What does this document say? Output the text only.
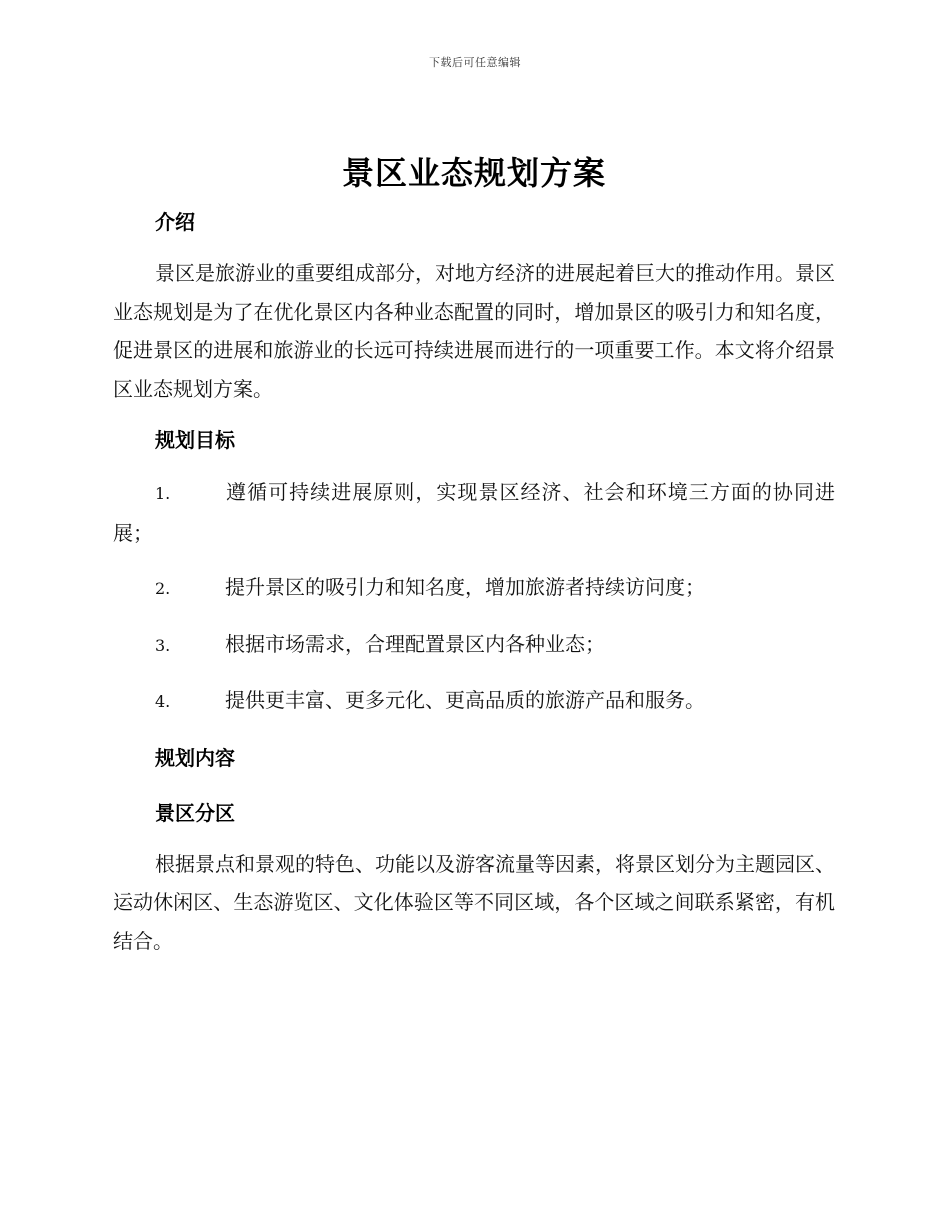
下载后可任意编辑
景区业态规划方案
介绍

景区是旅游业的重要组成部分，对地方经济的进展起着巨大的推动作用。景区业态规划是为了在优化景区内各种业态配置的同时，增加景区的吸引力和知名度，促进景区的进展和旅游业的长远可持续进展而进行的一项重要工作。本文将介绍景区业态规划方案。

规划目标

1.	遵循可持续进展原则，实现景区经济、社会和环境三方面的协同进展；

2.	提升景区的吸引力和知名度，增加旅游者持续访问度；

3.	根据市场需求，合理配置景区内各种业态；

4.	提供更丰富、更多元化、更高品质的旅游产品和服务。

规划内容
景区分区

根据景点和景观的特色、功能以及游客流量等因素，将景区划分为主题园区、运动休闲区、生态游览区、文化体验区等不同区域，各个区域之间联系紧密，有机结合。
